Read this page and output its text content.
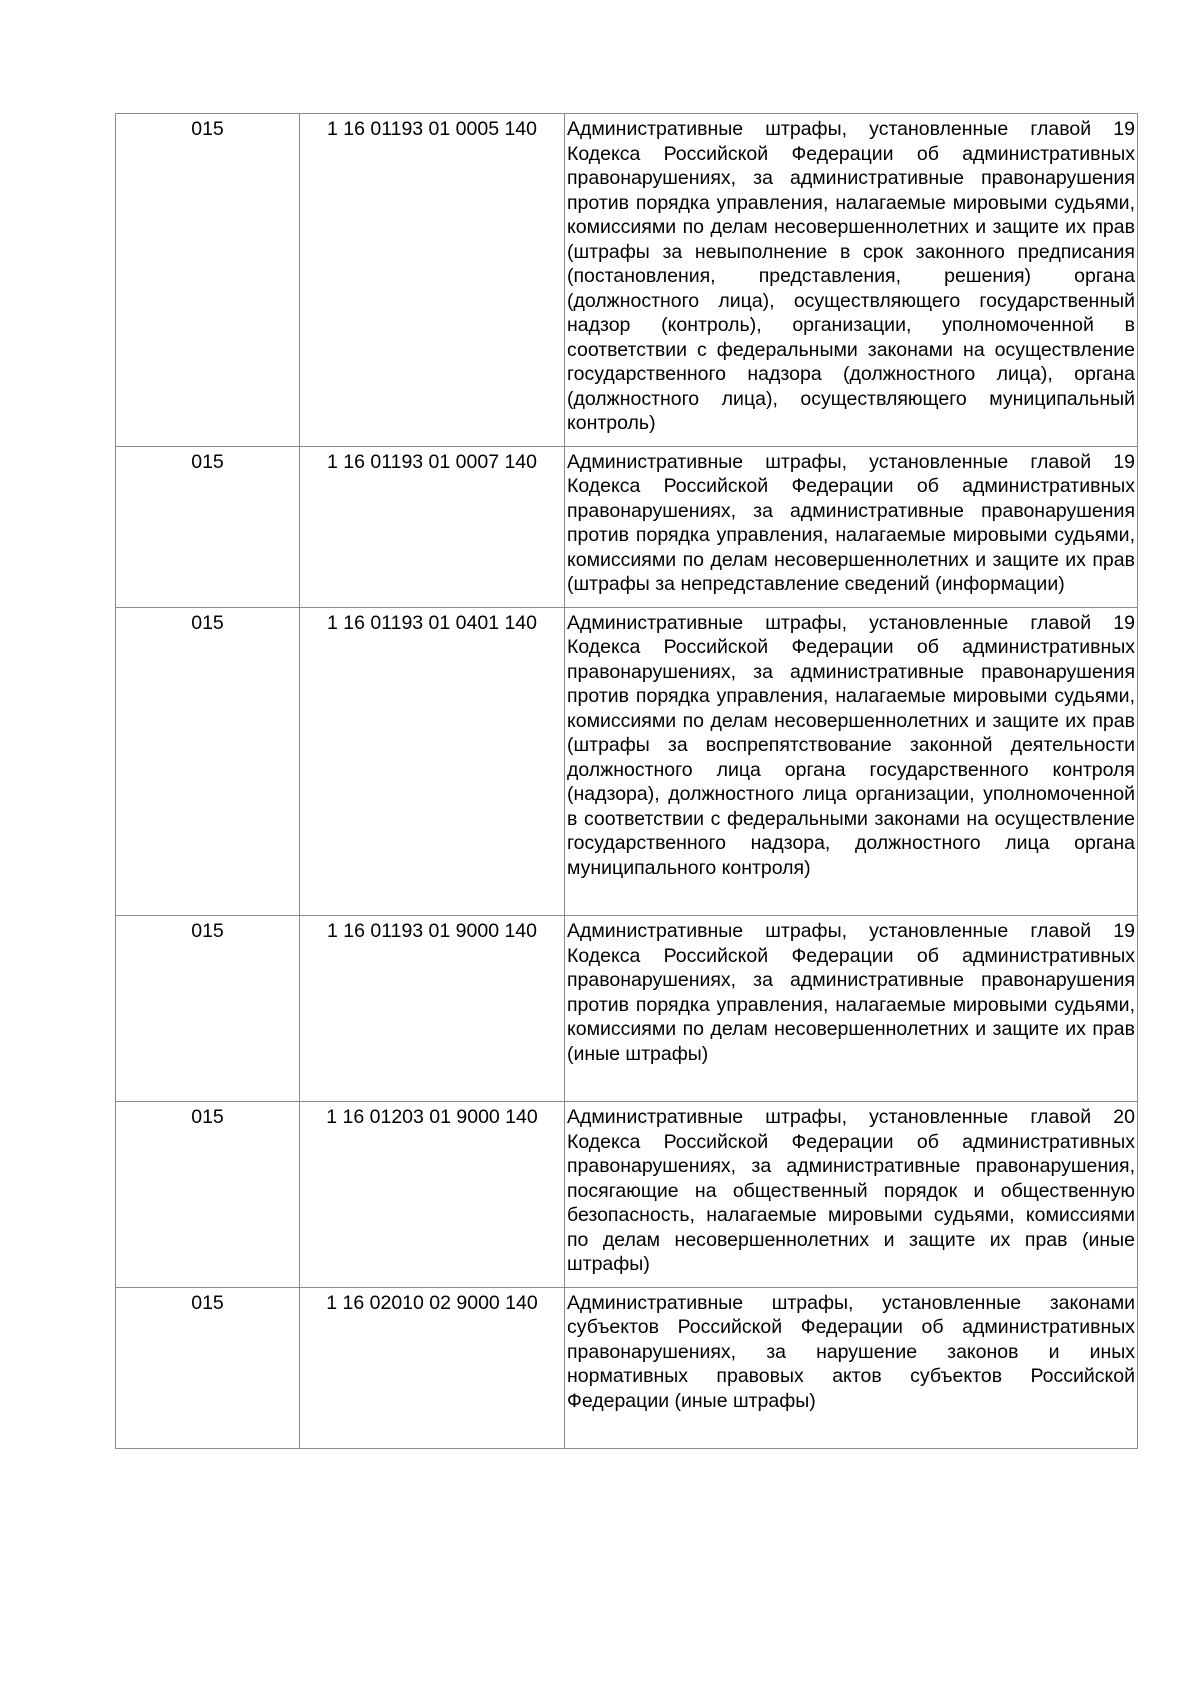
015	1 16 01193 01 0005 140	Административные штрафы, установленные главой 19 Кодекса Российской Федерации об административных правонарушениях, за административные правонарушения против порядка управления, налагаемые мировыми судьями, комиссиями по делам несовершеннолетних и защите их прав (штрафы за невыполнение в срок законного предписания (постановления, представления, решения) органа (должностного лица), осуществляющего государственный надзор (контроль), организации, уполномоченной в соответствии с федеральными законами на осуществление государственного надзора (должностного лица), органа (должностного лица), осуществляющего муниципальный контроль)
015	1 16 01193 01 0007 140	Административные штрафы, установленные главой 19 Кодекса Российской Федерации об административных правонарушениях, за административные правонарушения против порядка управления, налагаемые мировыми судьями, комиссиями по делам несовершеннолетних и защите их прав (штрафы за непредставление сведений (информации)
015	1 16 01193 01 0401 140	Административные штрафы, установленные главой 19 Кодекса Российской Федерации об административных правонарушениях, за административные правонарушения против порядка управления, налагаемые мировыми судьями, комиссиями по делам несовершеннолетних и защите их прав (штрафы за воспрепятствование законной деятельности должностного лица органа государственного контроля (надзора), должностного лица организации, уполномоченной в соответствии с федеральными законами на осуществление государственного надзора, должностного лица органа муниципального контроля)
015	1 16 01193 01 9000 140	Административные штрафы, установленные главой 19 Кодекса Российской Федерации об административных правонарушениях, за административные правонарушения против порядка управления, налагаемые мировыми судьями, комиссиями по делам несовершеннолетних и защите их прав (иные штрафы)
015	1 16 01203 01 9000 140	Административные штрафы, установленные главой 20 Кодекса Российской Федерации об административных правонарушениях, за административные правонарушения, посягающие на общественный порядок и общественную безопасность, налагаемые мировыми судьями, комиссиями по делам несовершеннолетних и защите их прав (иные штрафы)
015	1 16 02010 02 9000 140	Административные штрафы, установленные законами субъектов Российской Федерации об административных правонарушениях, за нарушение законов и иных нормативных правовых актов субъектов Российской Федерации (иные штрафы)
